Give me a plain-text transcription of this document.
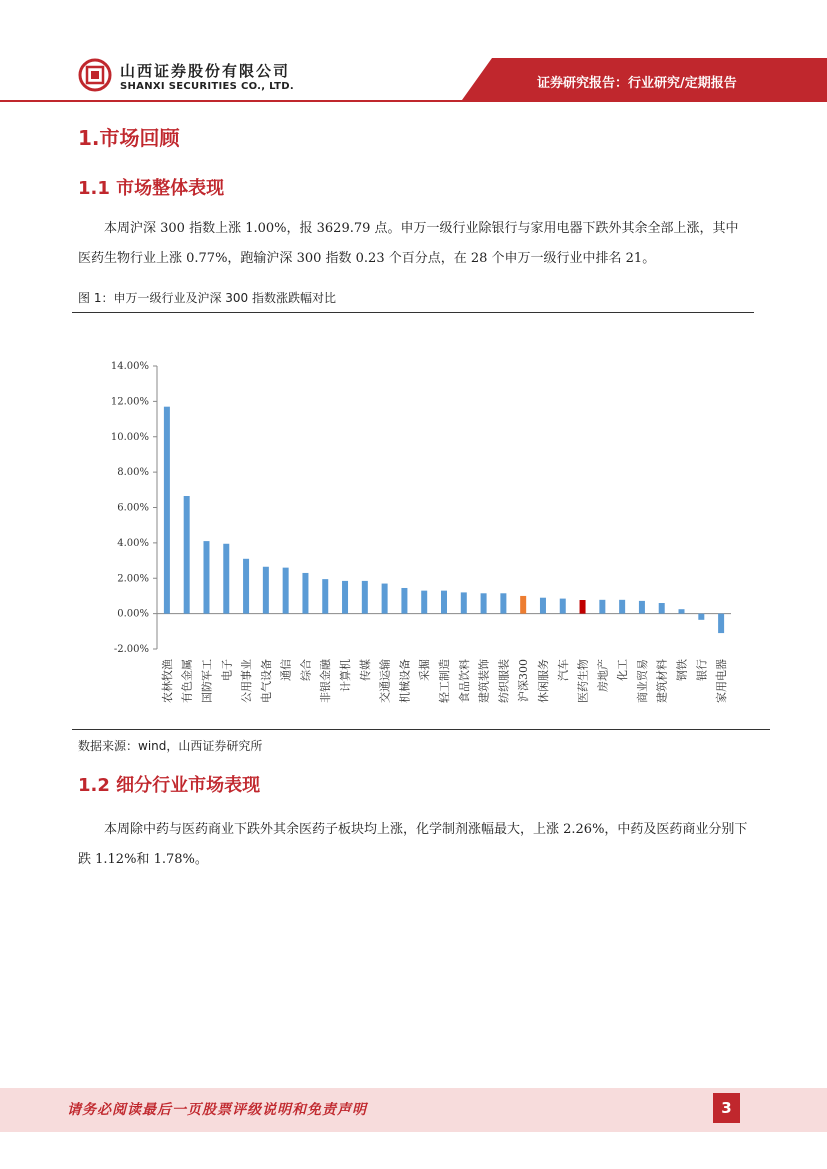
山西证券股份有限公司
SHANXI SECURITIES CO., LTD.	证券研究报告：行业研究/定期报告
1.市场回顾
1.1 市场整体表现

本周沪深 300 指数上涨 1.00%，报 3629.79 点。申万一级行业除银行与家用电器下跌外其余全部上涨，其中医药生物行业上涨 0.77%，跑输沪深 300 指数 0.23 个百分点，在 28 个申万一级行业中排名 21。

图 1：申万一级行业及沪深 300 指数涨跌幅对比
14.00%
12.00%
10.00%
8.00%
6.00%
4.00%
2.00%
0.00%
-2.00%
农林牧渔 有色金属 国防军工 电子 公用事业 电气设备 通信 综合 非银金融 计算机 传媒 交通运输 机械设备 采掘 轻工制造 食品饮料 建筑装饰 纺织服装 沪深300 休闲服务 汽车 医药生物 房地产 化工 商业贸易 建筑材料 钢铁 银行 家用电器
数据来源：wind，山西证券研究所
1.2 细分行业市场表现

本周除中药与医药商业下跌外其余医药子板块均上涨，化学制剂涨幅最大，上涨 2.26%，中药及医药商业分别下跌 1.12%和 1.78%。

请务必阅读最后一页股票评级说明和免责声明	3
